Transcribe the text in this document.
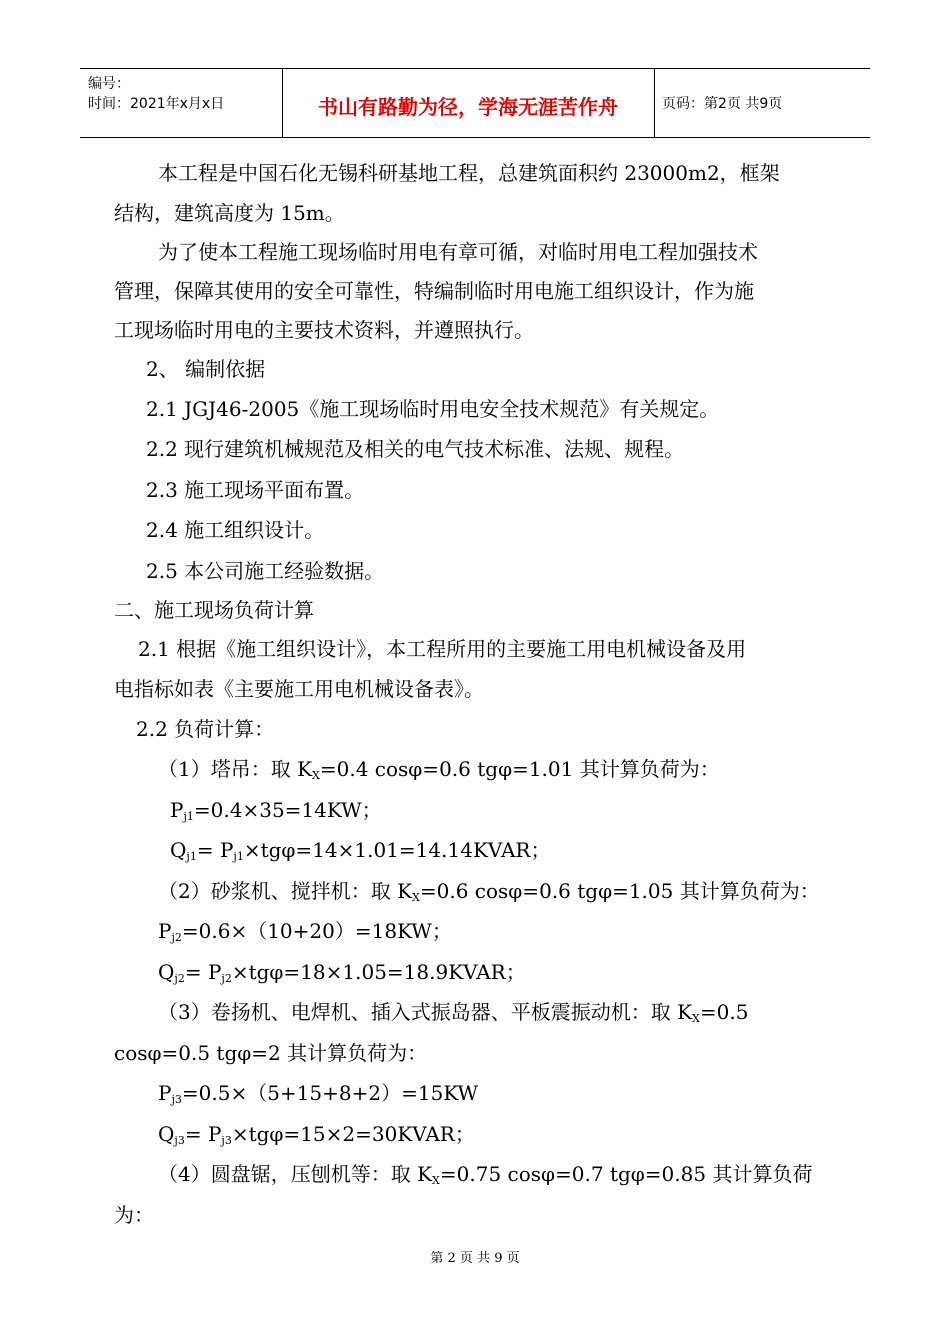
编号：
时间：2021年x月x日	书山有路勤为径，学海无涯苦作舟	页码：第2页 共9页
本工程是中国石化无锡科研基地工程，总建筑面积约 23000m2，框架
结构，建筑高度为 15m。
为了使本工程施工现场临时用电有章可循，对临时用电工程加强技术
管理，保障其使用的安全可靠性，特编制临时用电施工组织设计，作为施
工现场临时用电的主要技术资料，并遵照执行。
2、 编制依据
2.1 JGJ46-2005《施工现场临时用电安全技术规范》有关规定。
2.2 现行建筑机械规范及相关的电气技术标准、法规、规程。
2.3 施工现场平面布置。
2.4 施工组织设计。
2.5 本公司施工经验数据。
二、施工现场负荷计算
2.1 根据《施工组织设计》，本工程所用的主要施工用电机械设备及用
电指标如表《主要施工用电机械设备表》。
2.2 负荷计算：
（1）塔吊：取 $K_X=0.4$ cosφ=0.6 tgφ=1.01 其计算负荷为：
$P_{j1}=0.4\times 35=14KW$；
$Q_{j1}=$ $P_{j1}\times tg\varphi=14\times 1.01=14.14KVAR$；
（2）砂浆机、搅拌机：取 $K_X=0.6$ cosφ=0.6 tgφ=1.05 其计算负荷为：
$P_{j2}=0.6\times(10+20)=18KW$；
$Q_{j2}=$ $P_{j2}\times tg\varphi=18\times 1.05=18.9KVAR$；
（3）卷扬机、电焊机、插入式振岛器、平板震振动机：取 $K_X=0.5$
cosφ=0.5 tgφ=2 其计算负荷为：
$P_{j3}=0.5\times(5+15+8+2)=15KW$
$Q_{j3}=$ $P_{j3}\times tg\varphi=15\times 2=30KVAR$；
（4）圆盘锯，压刨机等：取 $K_X=0.75$ cosφ=0.7 tgφ=0.85 其计算负荷
为：
第 2 页 共 9 页
